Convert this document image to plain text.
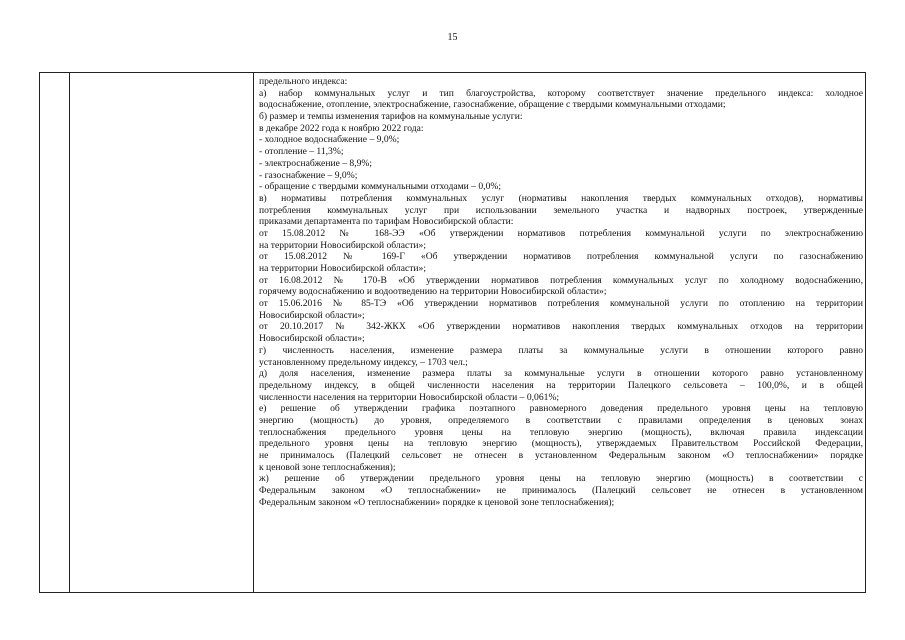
15
предельного индекса:
а) набор коммунальных услуг и тип благоустройства, которому соответствует значение предельного индекса: холодное
водоснабжение, отопление, электроснабжение, газоснабжение, обращение с твердыми коммунальными отходами;
б) размер и темпы изменения тарифов на коммунальные услуги:
в декабре 2022 года к ноябрю 2022 года:
- холодное водоснабжение – 9,0%;
- отопление – 11,3%;
- электроснабжение – 8,9%;
- газоснабжение – 9,0%;
- обращение с твердыми коммунальными отходами – 0,0%;
в) нормативы потребления коммунальных услуг (нормативы накопления твердых коммунальных отходов), нормативы
потребления коммунальных услуг при использовании земельного участка и надворных построек, утвержденные
приказами департамента по тарифам Новосибирской области:
от 15.08.2012 № 168-ЭЭ «Об утверждении нормативов потребления коммунальной услуги по электроснабжению
на территории Новосибирской области»;
от 15.08.2012 № 169-Г «Об утверждении нормативов потребления коммунальной услуги по газоснабжению
на территории Новосибирской области»;
от 16.08.2012 № 170-В «Об утверждении нормативов потребления коммунальных услуг по холодному водоснабжению,
горячему водоснабжению и водоотведению на территории Новосибирской области»;
от 15.06.2016 № 85-ТЭ «Об утверждении нормативов потребления коммунальной услуги по отоплению на территории
Новосибирской области»;
от 20.10.2017 № 342-ЖКХ «Об утверждении нормативов накопления твердых коммунальных отходов на территории
Новосибирской области»;
г) численность населения, изменение размера платы за коммунальные услуги в отношении которого равно
установленному предельному индексу, – 1703 чел.;
д) доля населения, изменение размера платы за коммунальные услуги в отношении которого равно установленному
предельному индексу, в общей численности населения на территории Палецкого сельсовета – 100,0%, и в общей
численности населения на территории Новосибирской области – 0,061%;
е) решение об утверждении графика поэтапного равномерного доведения предельного уровня цены на тепловую
энергию (мощность) до уровня, определяемого в соответствии с правилами определения в ценовых зонах
теплоснабжения предельного уровня цены на тепловую энергию (мощность), включая правила индексации
предельного уровня цены на тепловую энергию (мощность), утверждаемых Правительством Российской Федерации,
не принималось (Палецкий сельсовет не отнесен в установленном Федеральным законом «О теплоснабжении» порядке
к ценовой зоне теплоснабжения);
ж) решение об утверждении предельного уровня цены на тепловую энергию (мощность) в соответствии с
Федеральным законом «О теплоснабжении» не принималось (Палецкий сельсовет не отнесен в установленном
Федеральным законом «О теплоснабжении» порядке к ценовой зоне теплоснабжения);
